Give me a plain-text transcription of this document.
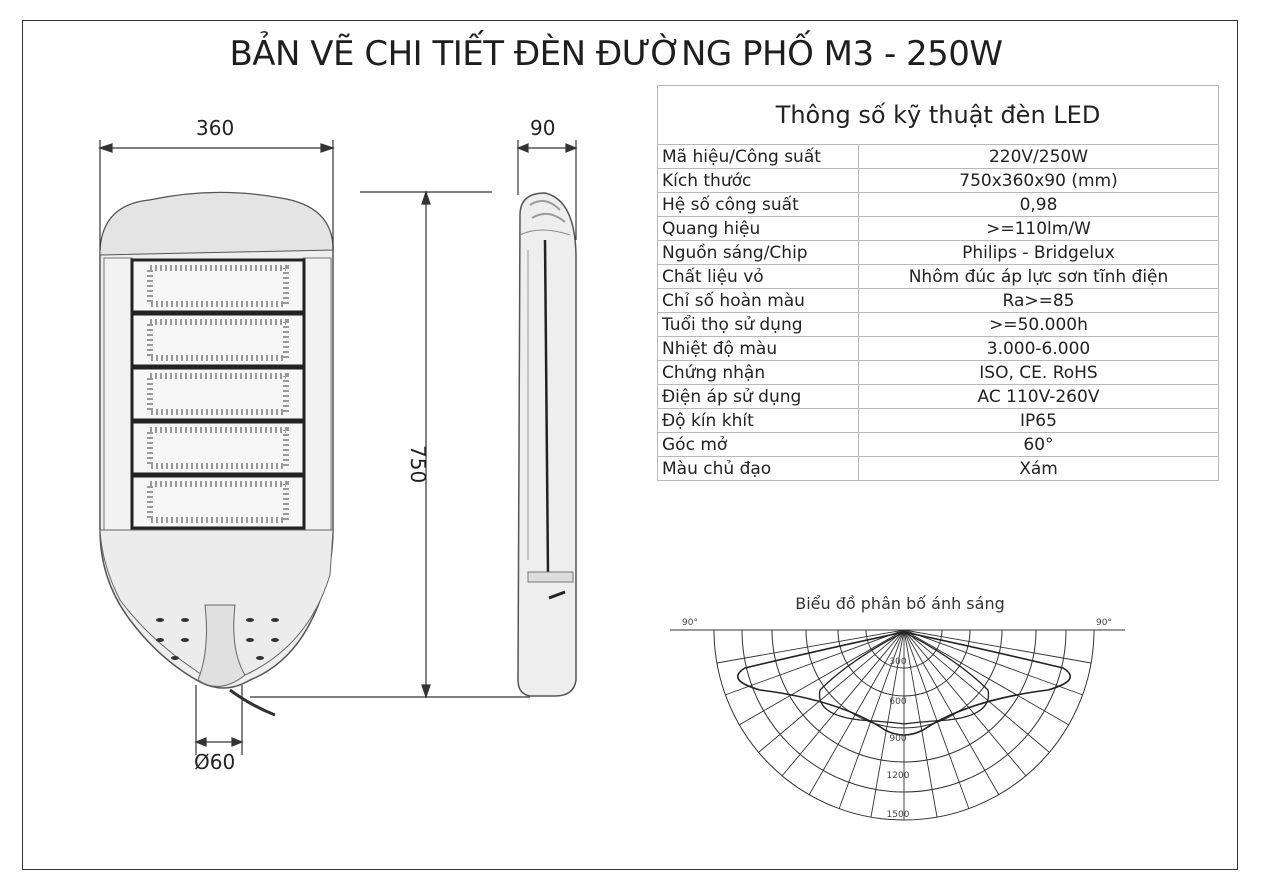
BẢN VẼ CHI TIẾT ĐÈN ĐƯỜNG PHỐ M3 - 250W
90°	90°
300
600
900
1200
1500
360	90
750
Ø60
Thông số kỹ thuật đèn LED	
Mã hiệu/Công suất	220V/250W
Kích thước	750x360x90 (mm)
Hệ số công suất	0,98
Quang hiệu	>=110lm/W
Nguồn sáng/Chip	Philips - Bridgelux
Chất liệu vỏ	Nhôm đúc áp lực sơn tĩnh điện
Chỉ số hoàn màu	Ra>=85
Tuổi thọ sử dụng	>=50.000h
Nhiệt độ màu	3.000-6.000
Chứng nhận	ISO, CE. RoHS
Điện áp sử dụng	AC 110V-260V
Độ kín khít	IP65
Góc mở	60°
Màu chủ đạo	Xám
Biểu đồ phân bố ánh sáng
